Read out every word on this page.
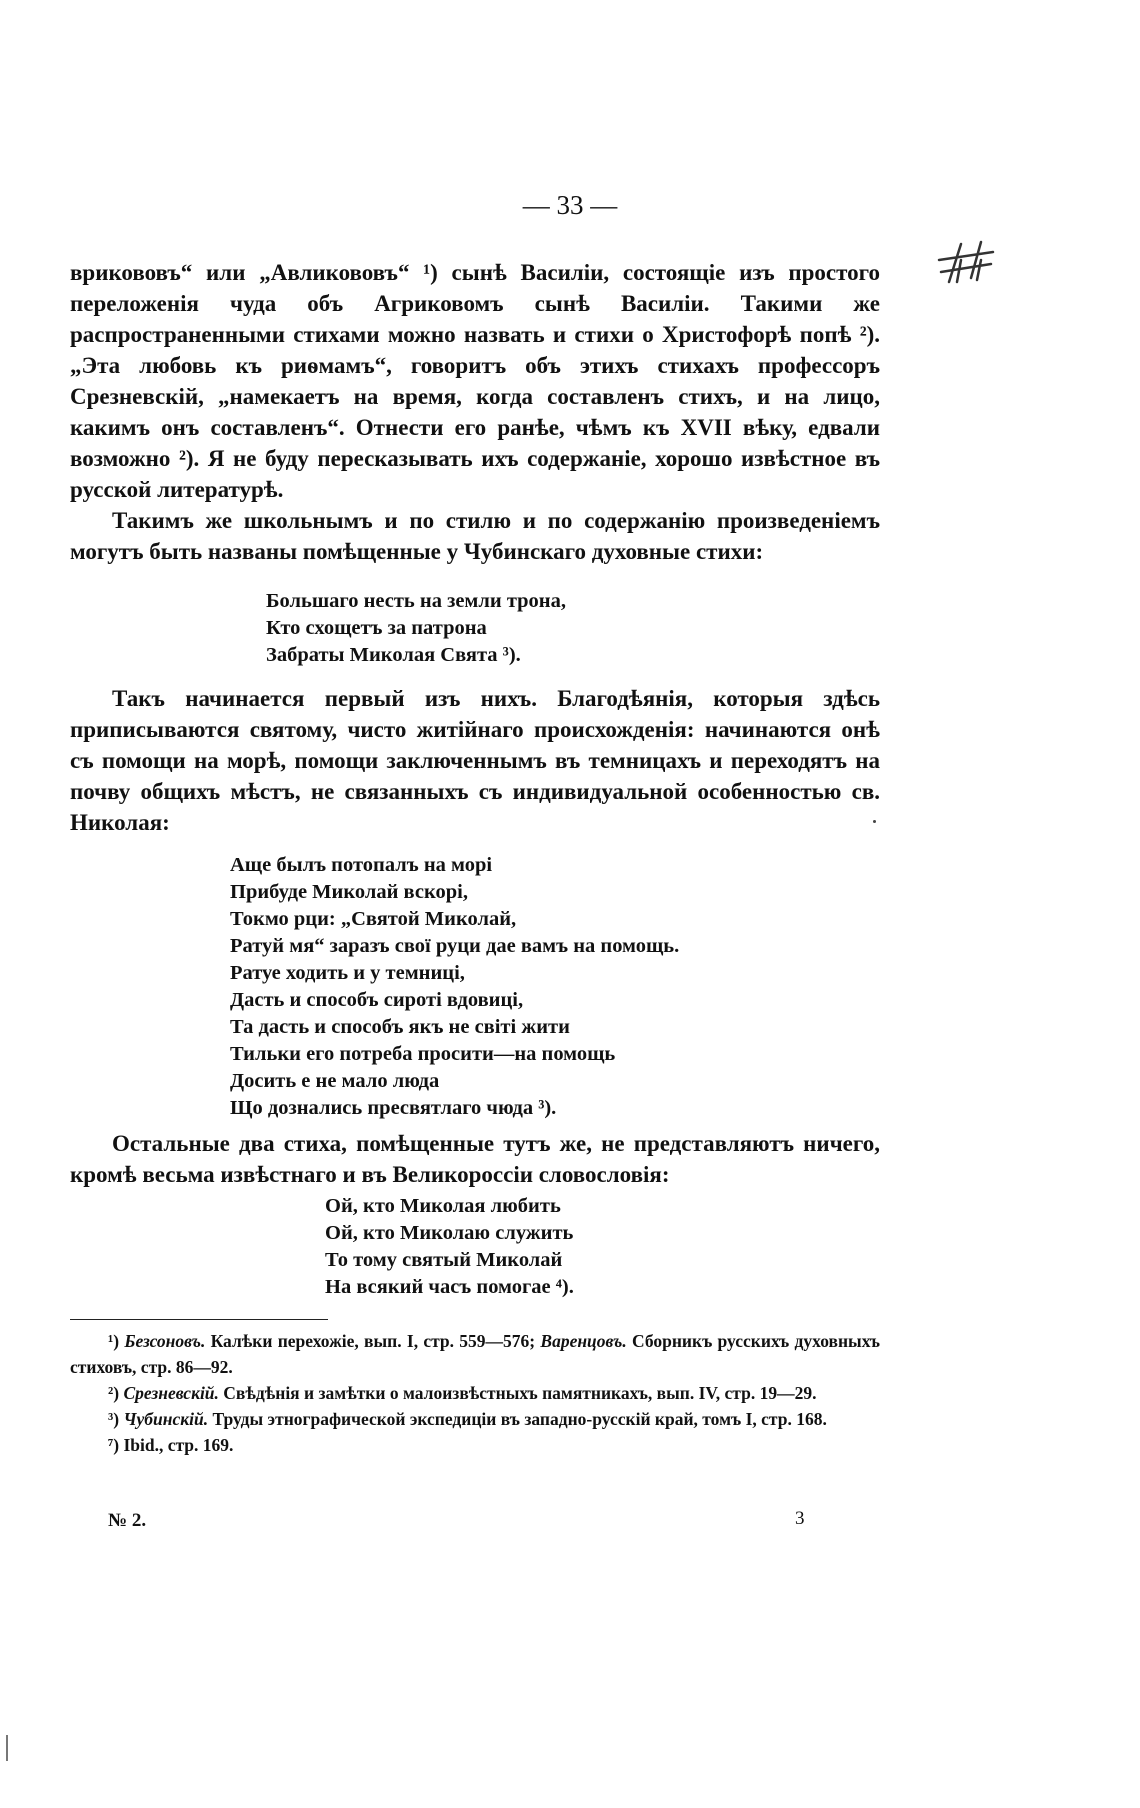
— 33 —

врикововъ“ или „Авликововъ“ ¹) сынѣ Василіи, состоящіе изъ простого переложенія чуда объ Агриковомъ сынѣ Василіи. Такими же распространенными стихами можно назвать и стихи о Христофорѣ попѣ ²). „Эта любовь къ риѳмамъ“, говоритъ объ этихъ стихахъ профессоръ Срезневскій, „намекаетъ на время, когда составленъ стихъ, и на лицо, какимъ онъ составленъ“. Отнести его ранѣе, чѣмъ къ XVII вѣку, едвали возможно ²). Я не буду пересказывать ихъ содержаніе, хорошо извѣстное въ русской литературѣ.

Такимъ же школьнымъ и по стилю и по содержанію произведеніемъ могутъ быть названы помѣщенные у Чубинскаго духовные стихи:

Большаго несть на земли трона,
Кто схощетъ за патрона
Забраты Миколая Свята ³).

Такъ начинается первый изъ нихъ. Благодѣянія, которыя здѣсь приписываются святому, чисто житійнаго происхожденія: начинаются онѣ съ помощи на морѣ, помощи заключеннымъ въ темницахъ и переходятъ на почву общихъ мѣстъ, не связанныхъ съ индивидуальной особенностью св. Николая:

Аще былъ потопалъ на морі
Прибуде Миколай вскорі,
Токмо рци: „Святой Миколай,
Ратуй мя“ заразъ свої руци дае вамъ на помощь.
Ратуе ходить и у темниці,
Дасть и способъ сироті вдовиці,
Та дасть и способъ якъ не світі жити
Тильки его потреба просити—на помощь
Досить е не мало люда
Що дознались пресвятлаго чюда ³).

Остальные два стиха, помѣщенные тутъ же, не представляютъ ничего, кромѣ весьма извѣстнаго и въ Великороссіи словословія:

Ой, кто Миколая любить
Ой, кто Миколаю служить
То тому святый Миколай
На всякий часъ помогае ⁴).

¹) Безсоновъ. Калѣки перехожіе, вып. I, стр. 559—576; Варенцовъ. Сборникъ русскихъ духовныхъ стиховъ, стр. 86—92.

²) Срезневскій. Свѣдѣнія и замѣтки о малоизвѣстныхъ памятникахъ, вып. IV, стр. 19—29.

³) Чубинскій. Труды этнографической экспедиціи въ западно-русскій край, томъ I, стр. 168.

⁷) Ibid., стр. 169.

№ 2.	3
